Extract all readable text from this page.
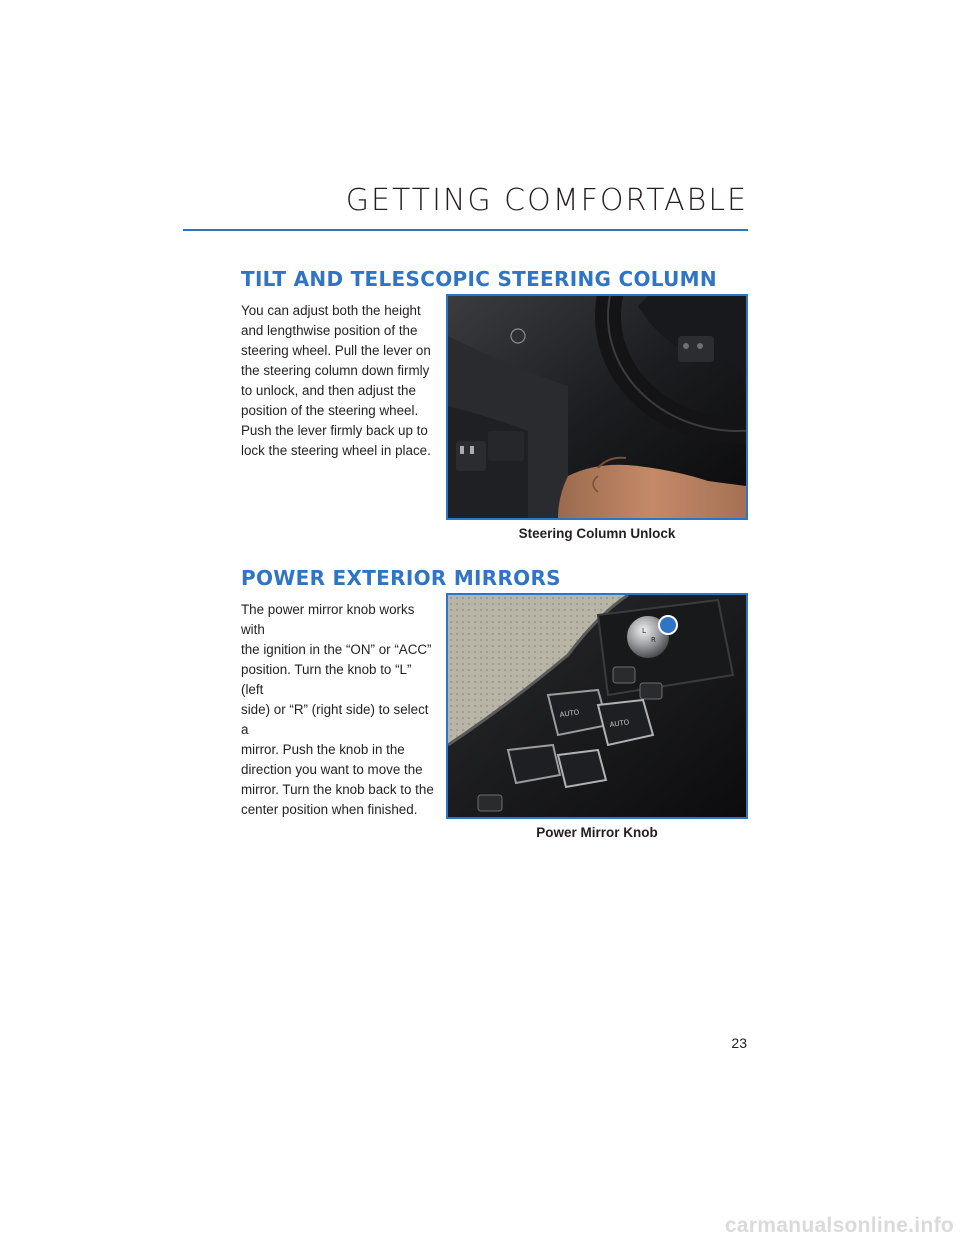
GETTING COMFORTABLE
TILT AND TELESCOPIC STEERING COLUMN
You can adjust both the height
and lengthwise position of the
steering wheel. Pull the lever on
the steering column down firmly
to unlock, and then adjust the
position of the steering wheel.
Push the lever firmly back up to
lock the steering wheel in place.
Steering Column Unlock
POWER EXTERIOR MIRRORS
The power mirror knob works with
the ignition in the “ON” or “ACC”
position. Turn the knob to “L” (left
side) or “R” (right side) to select a
mirror. Push the knob in the
direction you want to move the
mirror. Turn the knob back to the
center position when finished.
L
R
AUTO
AUTO
Power Mirror Knob
23
carmanualsonline.info
